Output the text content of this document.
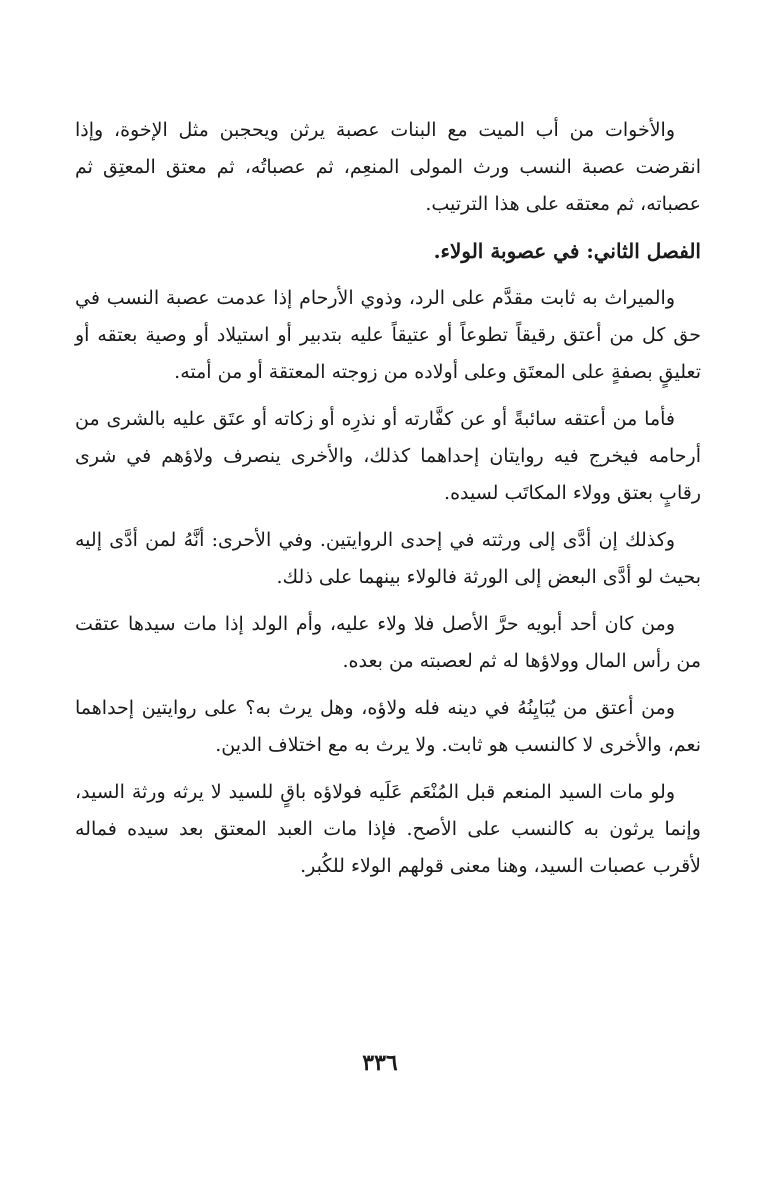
والأخوات من أب الميت مع البنات عصبة يرثن ويحجبن مثل الإخوة، وإذا انقرضت عصبة النسب ورث المولى المنعِم، ثم عصباتُه، ثم معتق المعتِق ثم عصباته، ثم معتقه على هذا الترتيب.

الفصل الثاني: في عصوبة الولاء.

والميراث به ثابت مقدَّم على الرد، وذوي الأرحام إذا عدمت عصبة النسب في حق كل من أعتق رقيقاً تطوعاً أو عتيقاً عليه بتدبير أو استيلاد أو وصية بعتقه أو تعليقٍ بصفةٍ على المعتَق وعلى أولاده من زوجته المعتقة أو من أمته.

فأما من أعتقه سائبةً أو عن كفَّارته أو نذرِه أو زكاته أو عتَق عليه بالشرى من أرحامه فيخرج فيه روايتان إحداهما كذلك، والأخرى ينصرف ولاؤهم في شرى رقابٍ بعتق وولاء المكاتَب لسيده.

وكذلك إن أدَّى إلى ورثته في إحدى الروايتين. وفي الأحرى: أنَّهُ لمن أدَّى إليه بحيث لو أدَّى البعض إلى الورثة فالولاء بينهما على ذلك.

ومن كان أحد أبويه حرَّ الأصل فلا ولاء عليه، وأم الولد إذا مات سيدها عتقت من رأس المال وولاؤها له ثم لعصبته من بعده.

ومن أعتق من يُبَايِنُهُ في دينه فله ولاؤه، وهل يرث به؟ على روايتين إحداهما نعم، والأخرى لا كالنسب هو ثابت. ولا يرث به مع اختلاف الدين.

ولو مات السيد المنعم قبل المُنْعَم عَلَيه فولاؤه باقٍ للسيد لا يرثه ورثة السيد، وإنما يرثون به كالنسب على الأصح. فإذا مات العبد المعتق بعد سيده فماله لأقرب عصبات السيد، وهنا معنى قولهم الولاء للكُبر.

٣٣٦
